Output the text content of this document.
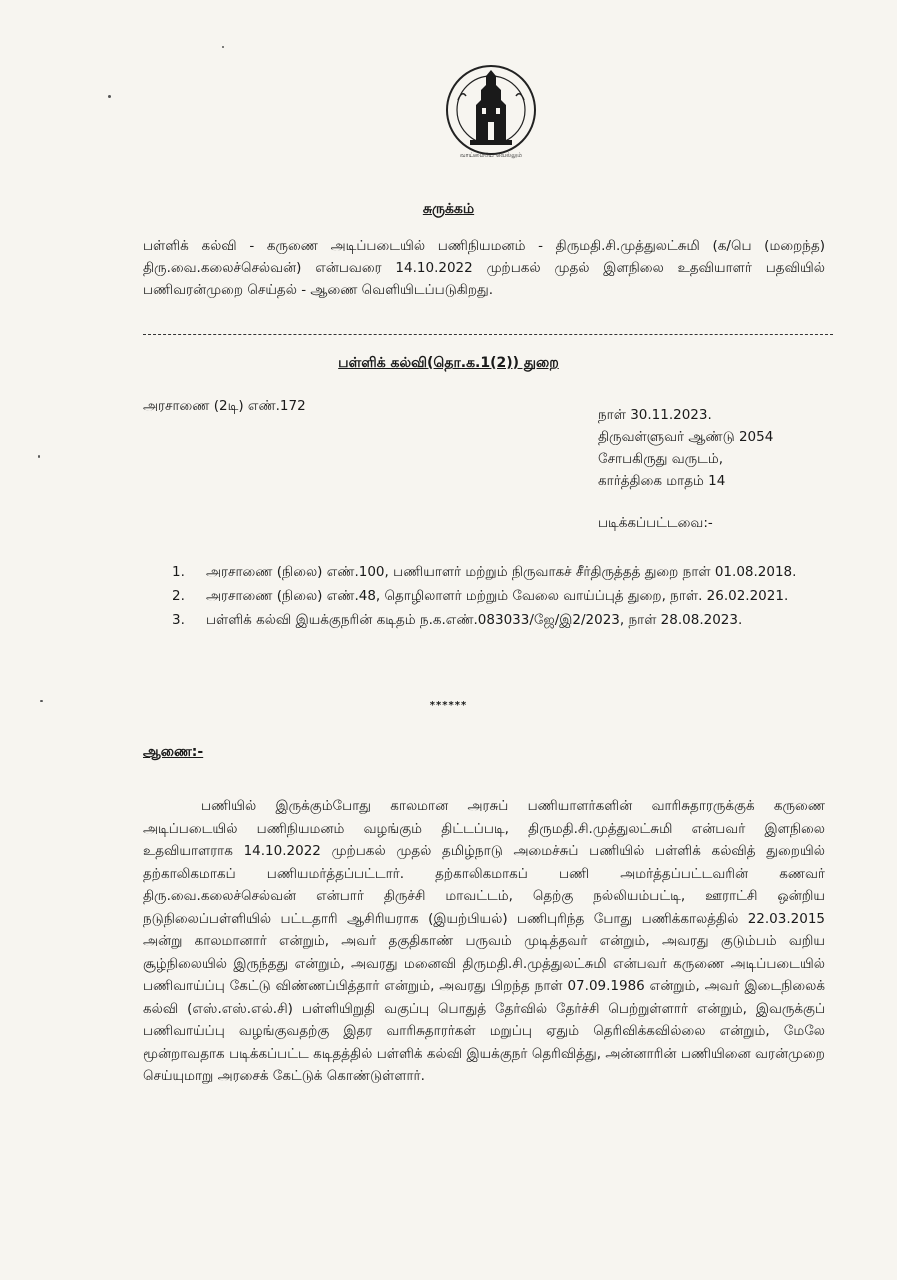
வாய்மையே வெல்லும்
சுருக்கம்
பள்ளிக் கல்வி - கருணை அடிப்படையில் பணிநியமனம் - திருமதி.சி.முத்துலட்சுமி (க/பெ (மறைந்த) திரு.வை.கலைச்செல்வன்) என்பவரை 14.10.2022 முற்பகல் முதல் இளநிலை உதவியாளர் பதவியில் பணிவரன்முறை செய்தல் - ஆணை வெளியிடப்படுகிறது.
பள்ளிக் கல்வி(தொ.க.1(2)) துறை
அரசாணை (2டி) எண்.172
நாள் 30.11.2023.
திருவள்ளுவர் ஆண்டு 2054
சோபகிருது வருடம்,
கார்த்திகை மாதம் 14
படிக்கப்பட்டவை:-
1. அரசாணை (நிலை) எண்.100, பணியாளர் மற்றும் நிருவாகச் சீர்திருத்தத் துறை நாள் 01.08.2018.
2. அரசாணை (நிலை) எண்.48, தொழிலாளர் மற்றும் வேலை வாய்ப்புத் துறை, நாள். 26.02.2021.
3. பள்ளிக் கல்வி இயக்குநரின் கடிதம் ந.க.எண்.083033/ஜே/இ2/2023, நாள் 28.08.2023.
******
ஆணை:-
பணியில் இருக்கும்போது காலமான அரசுப் பணியாளர்களின் வாரிசுதாரருக்குக் கருணை அடிப்படையில் பணிநியமனம் வழங்கும் திட்டப்படி, திருமதி.சி.முத்துலட்சுமி என்பவர் இளநிலை உதவியாளராக 14.10.2022 முற்பகல் முதல் தமிழ்நாடு அமைச்சுப் பணியில் பள்ளிக் கல்வித் துறையில் தற்காலிகமாகப் பணியமர்த்தப்பட்டார். தற்காலிகமாகப் பணி அமர்த்தப்பட்டவரின் கணவர் திரு.வை.கலைச்செல்வன் என்பார் திருச்சி மாவட்டம், தெற்கு நல்லியம்பட்டி, ஊராட்சி ஒன்றிய நடுநிலைப்பள்ளியில் பட்டதாரி ஆசிரியராக (இயற்பியல்) பணிபுரிந்த போது பணிக்காலத்தில் 22.03.2015 அன்று காலமானார் என்றும், அவர் தகுதிகாண் பருவம் முடித்தவர் என்றும், அவரது குடும்பம் வறிய சூழ்நிலையில் இருந்தது என்றும், அவரது மனைவி திருமதி.சி.முத்துலட்சுமி என்பவர் கருணை அடிப்படையில் பணிவாய்ப்பு கேட்டு விண்ணப்பித்தார் என்றும், அவரது பிறந்த நாள் 07.09.1986 என்றும், அவர் இடைநிலைக் கல்வி (எஸ்.எஸ்.எல்.சி) பள்ளியிறுதி வகுப்பு பொதுத் தேர்வில் தேர்ச்சி பெற்றுள்ளார் என்றும், இவருக்குப் பணிவாய்ப்பு வழங்குவதற்கு இதர வாரிசுதாரர்கள் மறுப்பு ஏதும் தெரிவிக்கவில்லை என்றும், மேலே மூன்றாவதாக படிக்கப்பட்ட கடிதத்தில் பள்ளிக் கல்வி இயக்குநர் தெரிவித்து, அன்னாரின் பணியினை வரன்முறை செய்யுமாறு அரசைக் கேட்டுக் கொண்டுள்ளார்.
